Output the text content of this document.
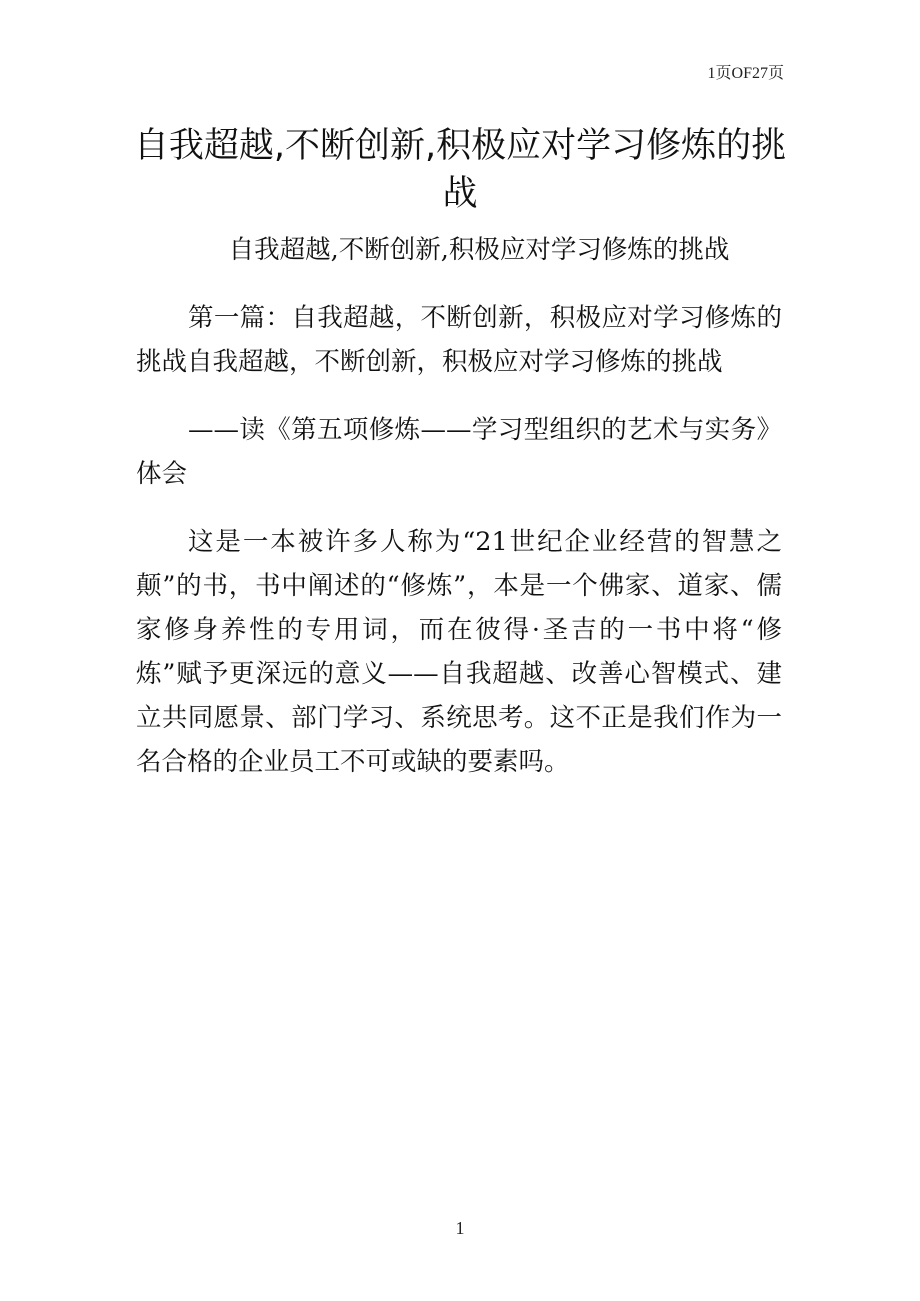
1页OF27页
自我超越,不断创新,积极应对学习修炼的挑战

自我超越,不断创新,积极应对学习修炼的挑战

第一篇：自我超越，不断创新，积极应对学习修炼的挑战自我超越，不断创新，积极应对学习修炼的挑战

——读《第五项修炼——学习型组织的艺术与实务》体会

这是一本被许多人称为“21世纪企业经营的智慧之颠”的书，书中阐述的“修炼”，本是一个佛家、道家、儒家修身养性的专用词，而在彼得·圣吉的一书中将“修炼”赋予更深远的意义——自我超越、改善心智模式、建立共同愿景、部门学习、系统思考。这不正是我们作为一名合格的企业员工不可或缺的要素吗。

1
